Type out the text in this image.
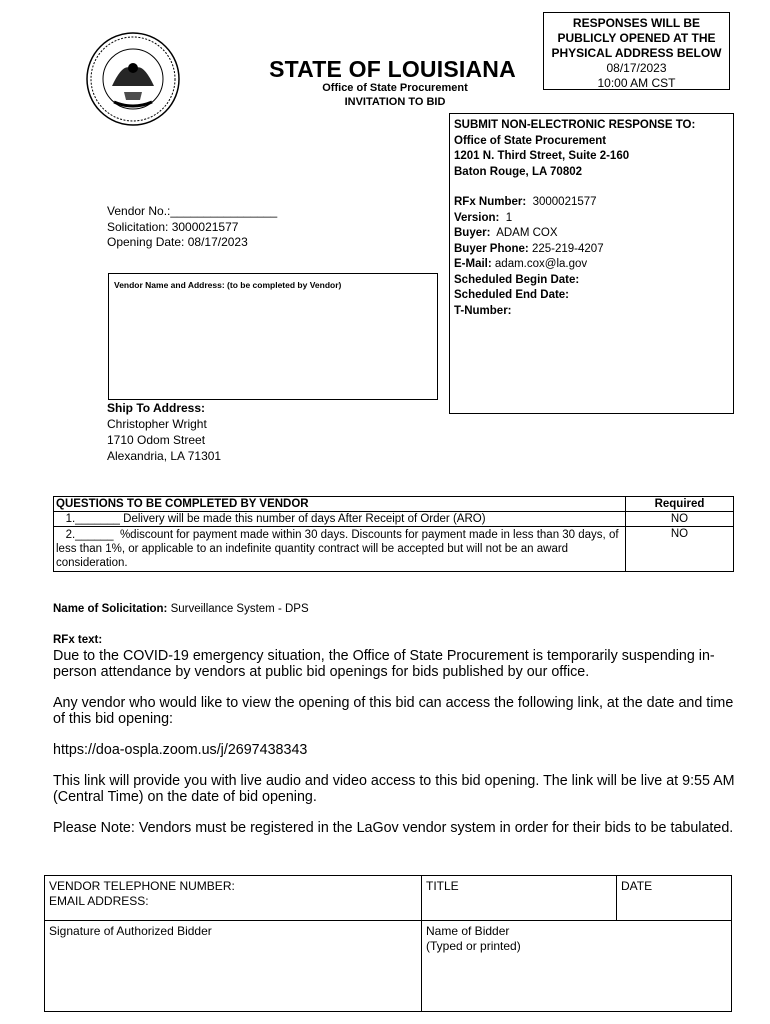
RESPONSES WILL BE
PUBLICLY OPENED AT THE
PHYSICAL ADDRESS BELOW
08/17/2023
10:00 AM CST
STATE OF LOUISIANA
Office of State Procurement
INVITATION TO BID
SUBMIT NON-ELECTRONIC RESPONSE TO:
Office of State Procurement
1201 N. Third Street, Suite 2-160
Baton Rouge, LA 70802
RFx Number: 3000021577
Version: 1
Buyer: ADAM COX
Buyer Phone: 225-219-4207
E-Mail: adam.cox@la.gov
Scheduled Begin Date:
Scheduled End Date:
T-Number:
Vendor No.:________________
Solicitation: 3000021577
Opening Date: 08/17/2023
Vendor Name and Address: (to be completed by Vendor)
Ship To Address:
Christopher Wright
1710 Odom Street
Alexandria, LA 71301
QUESTIONS TO BE COMPLETED BY VENDOR	Required
1._______ Delivery will be made this number of days After Receipt of Order (ARO)	NO
2.______  %discount for payment made within 30 days. Discounts for payment made in less than 30 days, of less than 1%, or applicable to an indefinite quantity contract will be accepted but will not be an award consideration.	NO
Name of Solicitation: Surveillance System - DPS
RFx text:

Due to the COVID-19 emergency situation, the Office of State Procurement is temporarily suspending in-person attendance by vendors at public bid openings for bids published by our office.

Any vendor who would like to view the opening of this bid can access the following link, at the date and time of this bid opening:

https://doa-ospla.zoom.us/j/2697438343

This link will provide you with live audio and video access to this bid opening. The link will be live at 9:55 AM (Central Time) on the date of bid opening.

Please Note: Vendors must be registered in the LaGov vendor system in order for their bids to be tabulated.

VENDOR TELEPHONE NUMBER:
EMAIL ADDRESS:	TITLE	DATE

Signature of Authorized Bidder	Name of Bidder
(Typed or printed)	
